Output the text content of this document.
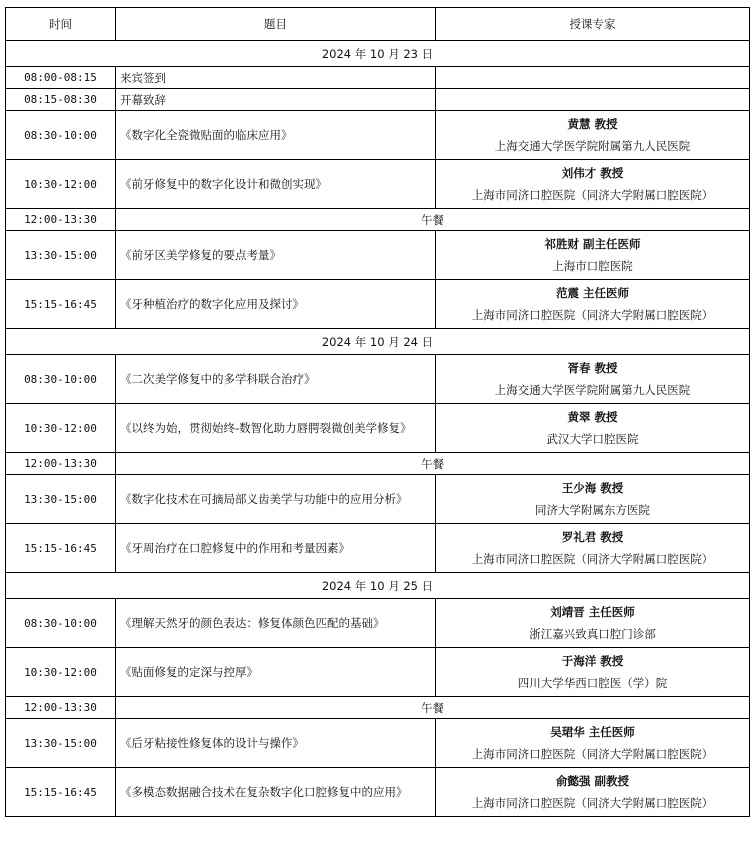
时间	题目	授课专家
2024 年 10 月 23 日		
08:00-08:15	来宾签到	
08:15-08:30	开幕致辞	
08:30-10:00	《数字化全瓷微贴面的临床应用》	黄慧 教授
上海交通大学医学院附属第九人民医院

10:30-12:00	《前牙修复中的数字化设计和微创实现》	刘伟才 教授
上海市同济口腔医院（同济大学附属口腔医院）

12:00-13:30	午餐	
13:30-15:00	《前牙区美学修复的要点考量》	祁胜财 副主任医师
上海市口腔医院

15:15-16:45	《牙种植治疗的数字化应用及探讨》	范震 主任医师
上海市同济口腔医院（同济大学附属口腔医院）

2024 年 10 月 24 日		
08:30-10:00	《二次美学修复中的多学科联合治疗》	胥春 教授
上海交通大学医学院附属第九人民医院

10:30-12:00	《以终为始，贯彻始终-数智化助力唇腭裂微创美学修复》	黄翠 教授
武汉大学口腔医院

12:00-13:30	午餐	
13:30-15:00	《数字化技术在可摘局部义齿美学与功能中的应用分析》	王少海 教授
同济大学附属东方医院

15:15-16:45	《牙周治疗在口腔修复中的作用和考量因素》	罗礼君 教授
上海市同济口腔医院（同济大学附属口腔医院）

2024 年 10 月 25 日		
08:30-10:00	《理解天然牙的颜色表达：修复体颜色匹配的基础》	刘靖晋 主任医师
浙江嘉兴致真口腔门诊部

10:30-12:00	《贴面修复的定深与控厚》	于海洋 教授
四川大学华西口腔医（学）院

12:00-13:30	午餐	
13:30-15:00	《后牙粘接性修复体的设计与操作》	吴珺华 主任医师
上海市同济口腔医院（同济大学附属口腔医院）

15:15-16:45	《多模态数据融合技术在复杂数字化口腔修复中的应用》	俞懿强 副教授
上海市同济口腔医院（同济大学附属口腔医院）
